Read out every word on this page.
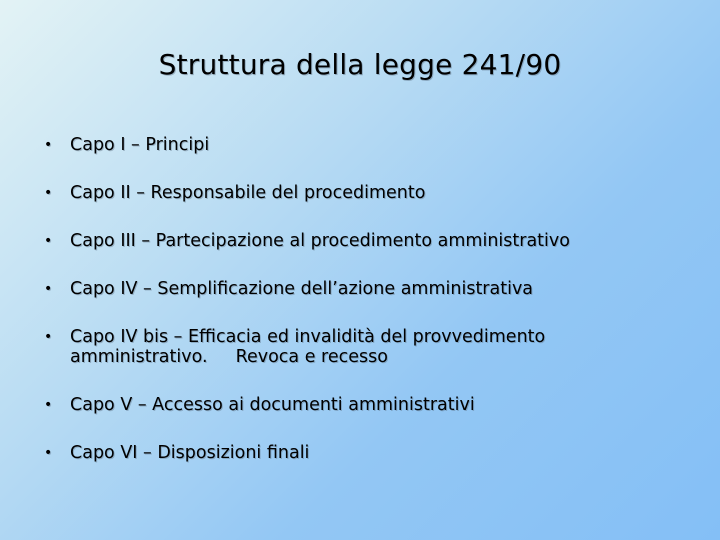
Struttura della legge 241/90
•	Capo I – Principi
•	Capo II – Responsabile del procedimento
•	Capo III – Partecipazione al procedimento amministrativo
•	Capo IV – Semplificazione dell’azione amministrativa
•	Capo IV bis – Efficacia ed invalidità del provvedimento
amministrativo. Revoca e recesso
•	Capo V – Accesso ai documenti amministrativi
•	Capo VI – Disposizioni finali
